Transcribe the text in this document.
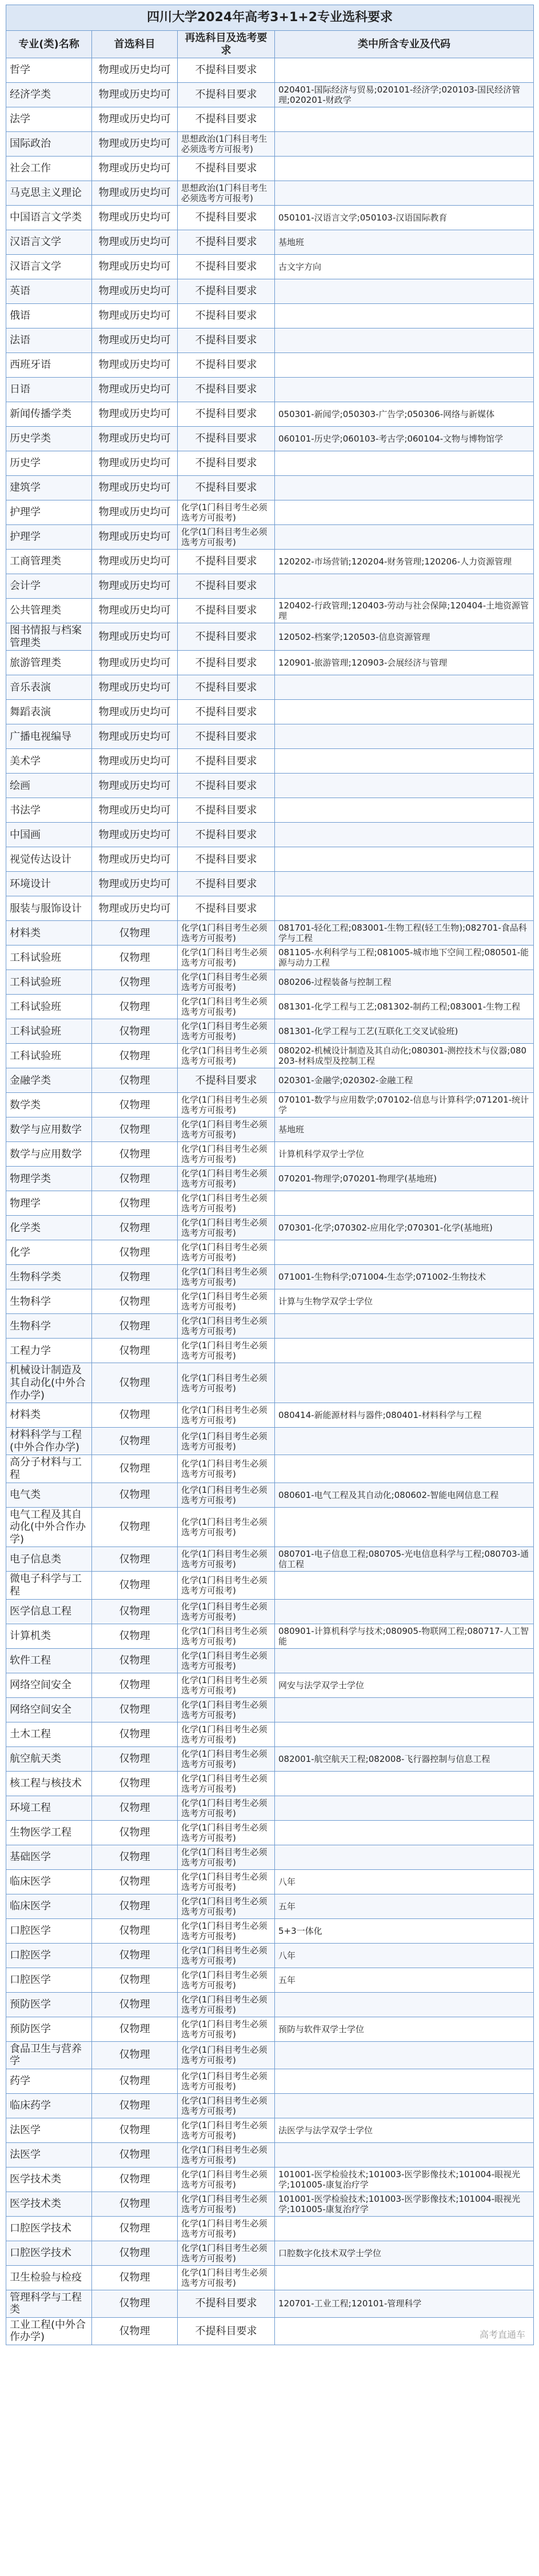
四川大学2024年高考3+1+2专业选科要求			
专业(类)名称	首选科目	再选科目及选考要求	类中所含专业及代码
哲学	物理或历史均可	不提科目要求	
经济学类	物理或历史均可	不提科目要求	020401-国际经济与贸易;020101-经济学;020103-国民经济管理;020201-财政学
法学	物理或历史均可	不提科目要求	
国际政治	物理或历史均可	思想政治(1门科目考生必须选考方可报考)	
社会工作	物理或历史均可	不提科目要求	
马克思主义理论	物理或历史均可	思想政治(1门科目考生必须选考方可报考)	
中国语言文学类	物理或历史均可	不提科目要求	050101-汉语言文学;050103-汉语国际教育
汉语言文学	物理或历史均可	不提科目要求	基地班
汉语言文学	物理或历史均可	不提科目要求	古文字方向
英语	物理或历史均可	不提科目要求	
俄语	物理或历史均可	不提科目要求	
法语	物理或历史均可	不提科目要求	
西班牙语	物理或历史均可	不提科目要求	
日语	物理或历史均可	不提科目要求	
新闻传播学类	物理或历史均可	不提科目要求	050301-新闻学;050303-广告学;050306-网络与新媒体
历史学类	物理或历史均可	不提科目要求	060101-历史学;060103-考古学;060104-文物与博物馆学
历史学	物理或历史均可	不提科目要求	
建筑学	物理或历史均可	不提科目要求	
护理学	物理或历史均可	化学(1门科目考生必须选考方可报考)	
护理学	物理或历史均可	化学(1门科目考生必须选考方可报考)	
工商管理类	物理或历史均可	不提科目要求	120202-市场营销;120204-财务管理;120206-人力资源管理
会计学	物理或历史均可	不提科目要求	
公共管理类	物理或历史均可	不提科目要求	120402-行政管理;120403-劳动与社会保障;120404-土地资源管理
图书情报与档案管理类	物理或历史均可	不提科目要求	120502-档案学;120503-信息资源管理
旅游管理类	物理或历史均可	不提科目要求	120901-旅游管理;120903-会展经济与管理
音乐表演	物理或历史均可	不提科目要求	
舞蹈表演	物理或历史均可	不提科目要求	
广播电视编导	物理或历史均可	不提科目要求	
美术学	物理或历史均可	不提科目要求	
绘画	物理或历史均可	不提科目要求	
书法学	物理或历史均可	不提科目要求	
中国画	物理或历史均可	不提科目要求	
视觉传达设计	物理或历史均可	不提科目要求	
环境设计	物理或历史均可	不提科目要求	
服装与服饰设计	物理或历史均可	不提科目要求	
材料类	仅物理	化学(1门科目考生必须选考方可报考)	081701-轻化工程;083001-生物工程(轻工生物);082701-食品科学与工程
工科试验班	仅物理	化学(1门科目考生必须选考方可报考)	081105-水利科学与工程;081005-城市地下空间工程;080501-能源与动力工程
工科试验班	仅物理	化学(1门科目考生必须选考方可报考)	080206-过程装备与控制工程
工科试验班	仅物理	化学(1门科目考生必须选考方可报考)	081301-化学工程与工艺;081302-制药工程;083001-生物工程
工科试验班	仅物理	化学(1门科目考生必须选考方可报考)	081301-化学工程与工艺(互联化工交叉试验班)
工科试验班	仅物理	化学(1门科目考生必须选考方可报考)	080202-机械设计制造及其自动化;080301-测控技术与仪器;080203-材料成型及控制工程
金融学类	仅物理	不提科目要求	020301-金融学;020302-金融工程
数学类	仅物理	化学(1门科目考生必须选考方可报考)	070101-数学与应用数学;070102-信息与计算科学;071201-统计学
数学与应用数学	仅物理	化学(1门科目考生必须选考方可报考)	基地班
数学与应用数学	仅物理	化学(1门科目考生必须选考方可报考)	计算机科学双学士学位
物理学类	仅物理	化学(1门科目考生必须选考方可报考)	070201-物理学;070201-物理学(基地班)
物理学	仅物理	化学(1门科目考生必须选考方可报考)	
化学类	仅物理	化学(1门科目考生必须选考方可报考)	070301-化学;070302-应用化学;070301-化学(基地班)
化学	仅物理	化学(1门科目考生必须选考方可报考)	
生物科学类	仅物理	化学(1门科目考生必须选考方可报考)	071001-生物科学;071004-生态学;071002-生物技术
生物科学	仅物理	化学(1门科目考生必须选考方可报考)	计算与生物学双学士学位
生物科学	仅物理	化学(1门科目考生必须选考方可报考)	
工程力学	仅物理	化学(1门科目考生必须选考方可报考)	
机械设计制造及其自动化(中外合作办学)	仅物理	化学(1门科目考生必须选考方可报考)	
材料类	仅物理	化学(1门科目考生必须选考方可报考)	080414-新能源材料与器件;080401-材料科学与工程
材料科学与工程(中外合作办学)	仅物理	化学(1门科目考生必须选考方可报考)	
高分子材料与工程	仅物理	化学(1门科目考生必须选考方可报考)	
电气类	仅物理	化学(1门科目考生必须选考方可报考)	080601-电气工程及其自动化;080602-智能电网信息工程
电气工程及其自动化(中外合作办学)	仅物理	化学(1门科目考生必须选考方可报考)	
电子信息类	仅物理	化学(1门科目考生必须选考方可报考)	080701-电子信息工程;080705-光电信息科学与工程;080703-通信工程
微电子科学与工程	仅物理	化学(1门科目考生必须选考方可报考)	
医学信息工程	仅物理	化学(1门科目考生必须选考方可报考)	
计算机类	仅物理	化学(1门科目考生必须选考方可报考)	080901-计算机科学与技术;080905-物联网工程;080717-人工智能
软件工程	仅物理	化学(1门科目考生必须选考方可报考)	
网络空间安全	仅物理	化学(1门科目考生必须选考方可报考)	网安与法学双学士学位
网络空间安全	仅物理	化学(1门科目考生必须选考方可报考)	
土木工程	仅物理	化学(1门科目考生必须选考方可报考)	
航空航天类	仅物理	化学(1门科目考生必须选考方可报考)	082001-航空航天工程;082008-飞行器控制与信息工程
核工程与核技术	仅物理	化学(1门科目考生必须选考方可报考)	
环境工程	仅物理	化学(1门科目考生必须选考方可报考)	
生物医学工程	仅物理	化学(1门科目考生必须选考方可报考)	
基础医学	仅物理	化学(1门科目考生必须选考方可报考)	
临床医学	仅物理	化学(1门科目考生必须选考方可报考)	八年
临床医学	仅物理	化学(1门科目考生必须选考方可报考)	五年
口腔医学	仅物理	化学(1门科目考生必须选考方可报考)	5+3一体化
口腔医学	仅物理	化学(1门科目考生必须选考方可报考)	八年
口腔医学	仅物理	化学(1门科目考生必须选考方可报考)	五年
预防医学	仅物理	化学(1门科目考生必须选考方可报考)	
预防医学	仅物理	化学(1门科目考生必须选考方可报考)	预防与软件双学士学位
食品卫生与营养学	仅物理	化学(1门科目考生必须选考方可报考)	
药学	仅物理	化学(1门科目考生必须选考方可报考)	
临床药学	仅物理	化学(1门科目考生必须选考方可报考)	
法医学	仅物理	化学(1门科目考生必须选考方可报考)	法医学与法学双学士学位
法医学	仅物理	化学(1门科目考生必须选考方可报考)	
医学技术类	仅物理	化学(1门科目考生必须选考方可报考)	101001-医学检验技术;101003-医学影像技术;101004-眼视光学;101005-康复治疗学
医学技术类	仅物理	化学(1门科目考生必须选考方可报考)	101001-医学检验技术;101003-医学影像技术;101004-眼视光学;101005-康复治疗学
口腔医学技术	仅物理	化学(1门科目考生必须选考方可报考)	
口腔医学技术	仅物理	化学(1门科目考生必须选考方可报考)	口腔数字化技术双学士学位
卫生检验与检疫	仅物理	化学(1门科目考生必须选考方可报考)	
管理科学与工程类	仅物理	不提科目要求	120701-工业工程;120101-管理科学
工业工程(中外合作办学)	仅物理	不提科目要求		高考直通车
